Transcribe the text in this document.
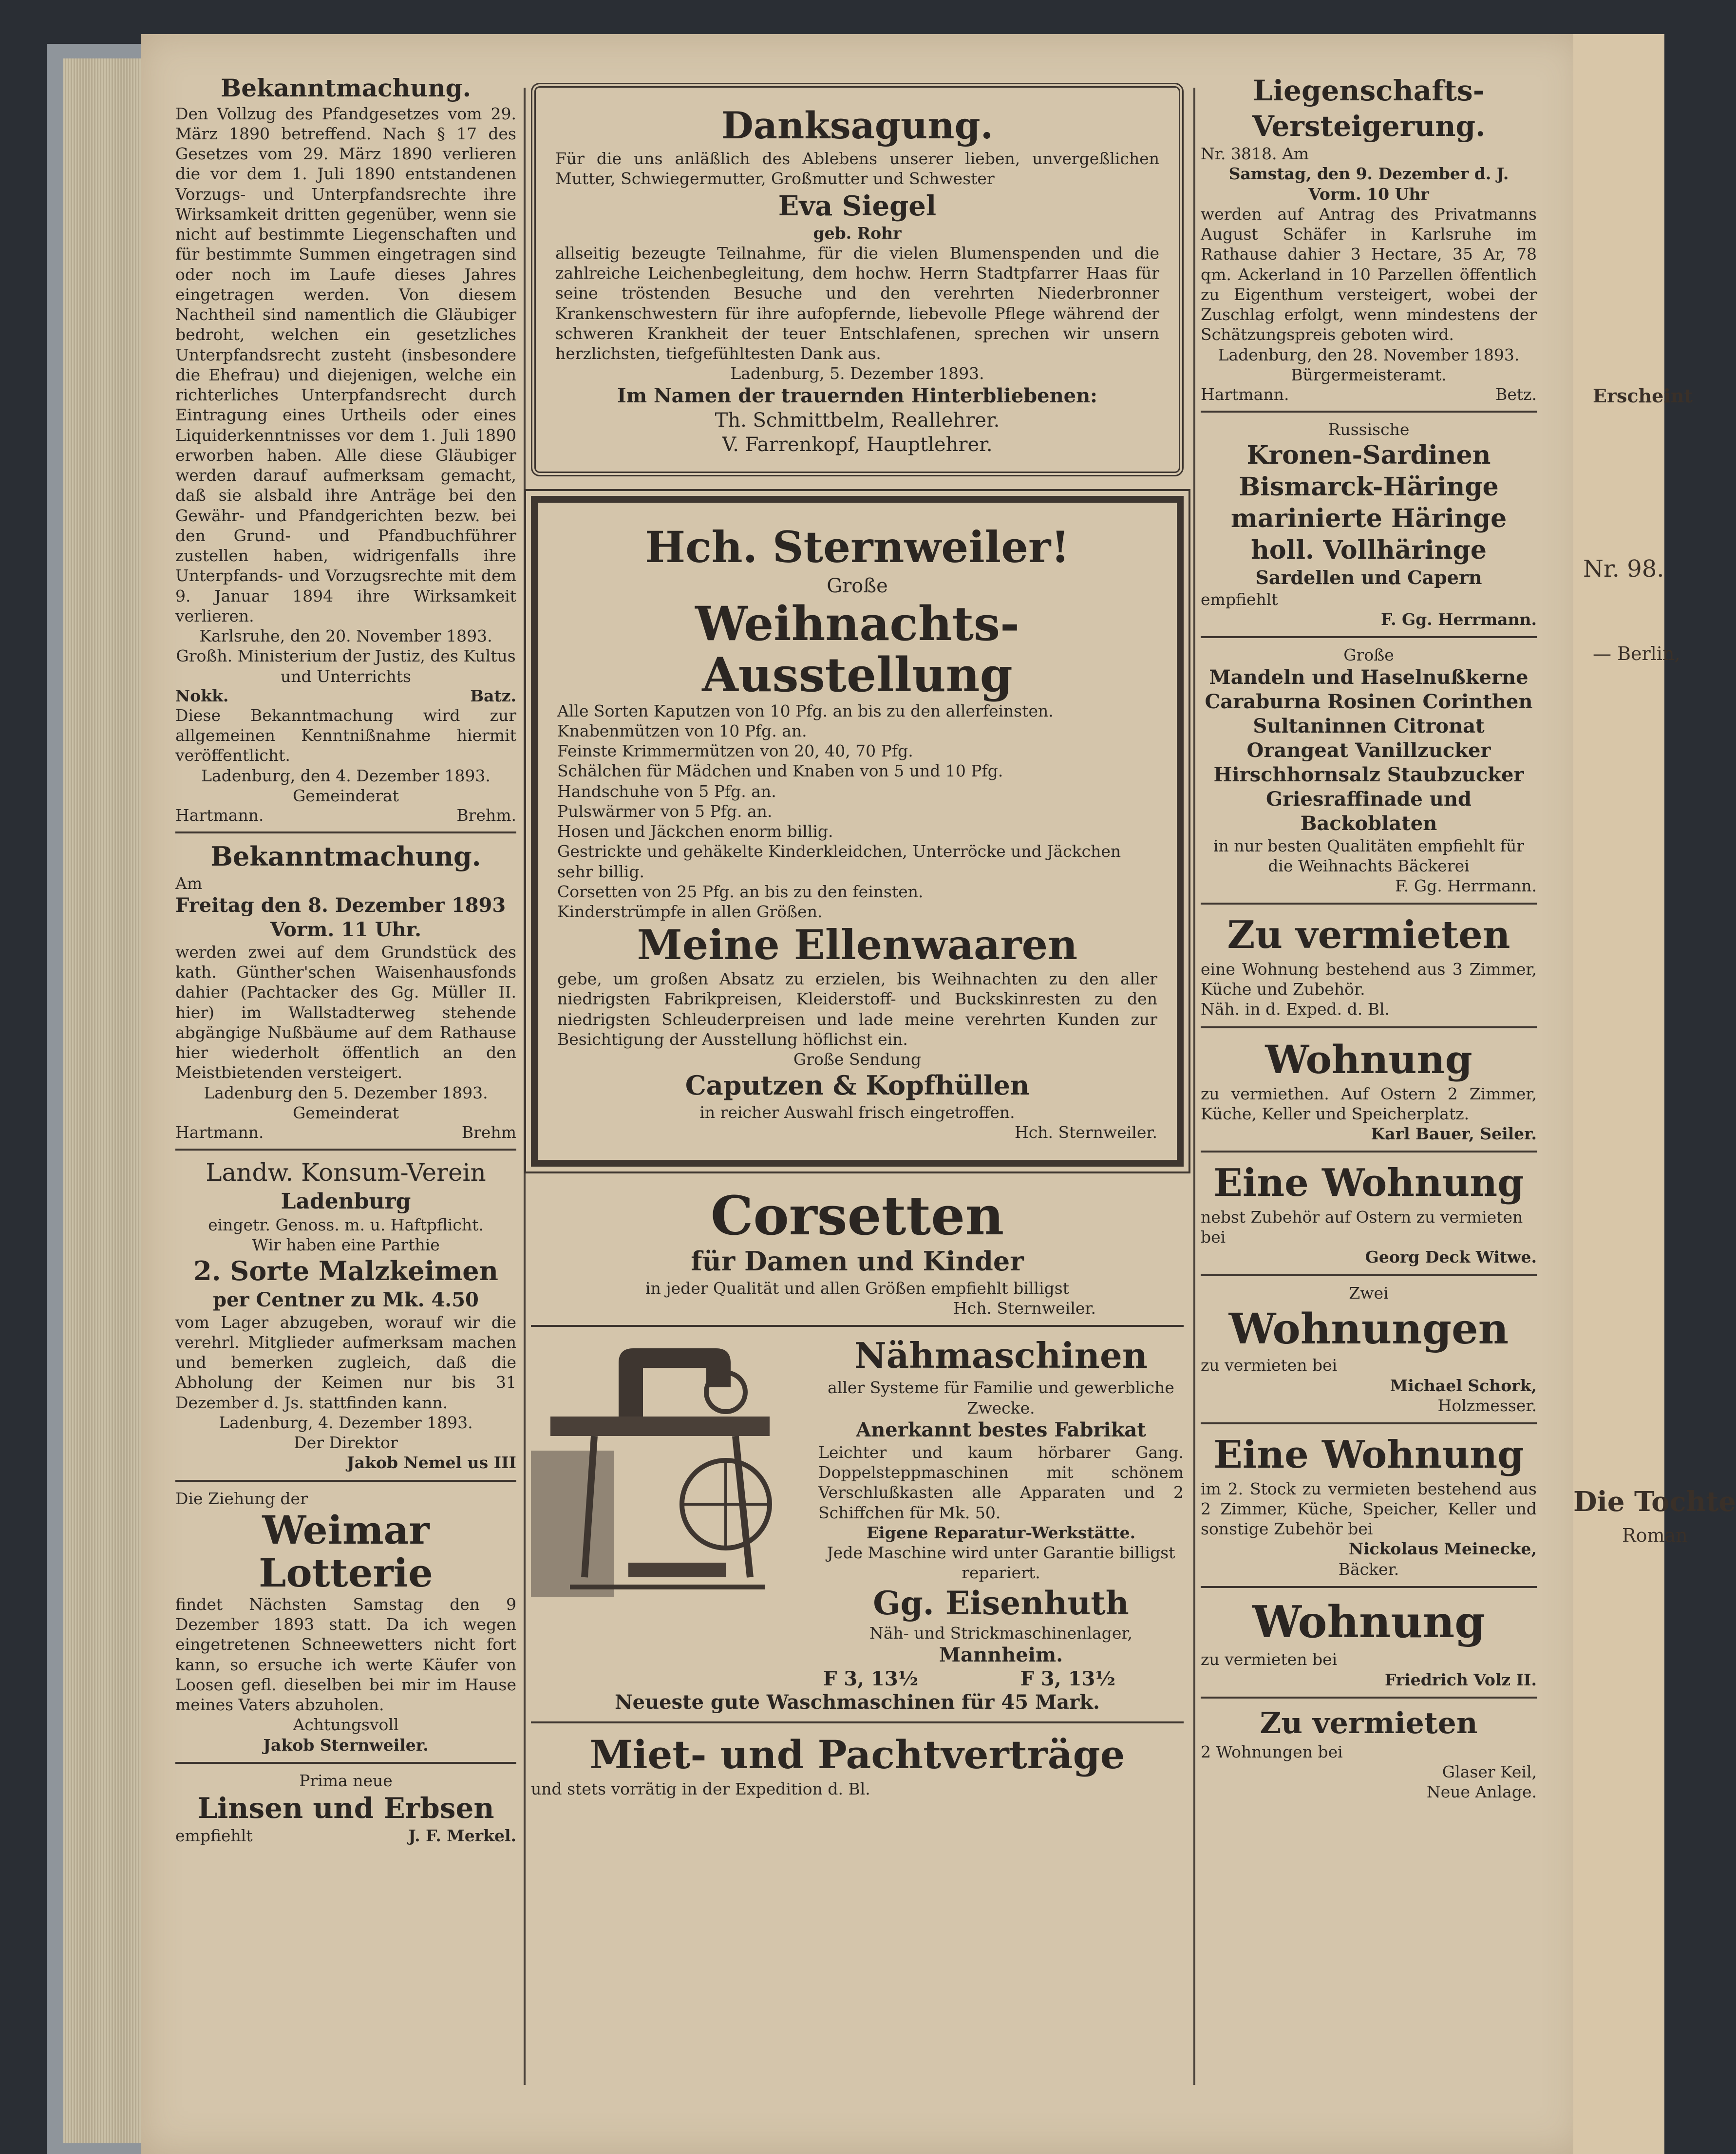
Bekanntmachung.

Den Vollzug des Pfandgesetzes vom 29. März 1890 betreffend. Nach § 17 des Gesetzes vom 29. März 1890 verlieren die vor dem 1. Juli 1890 entstandenen Vorzugs- und Unterpfandsrechte ihre Wirksamkeit dritten gegenüber, wenn sie nicht auf bestimmte Liegenschaften und für bestimmte Summen eingetragen sind oder noch im Laufe dieses Jahres eingetragen werden. Von diesem Nachtheil sind namentlich die Gläubiger bedroht, welchen ein gesetzliches Unterpfandsrecht zusteht (insbesondere die Ehefrau) und diejenigen, welche ein richterliches Unterpfandsrecht durch Eintragung eines Urtheils oder eines Liquiderkenntnisses vor dem 1. Juli 1890 erworben haben. Alle diese Gläubiger werden darauf aufmerksam gemacht, daß sie alsbald ihre Anträge bei den Gewähr- und Pfandgerichten bezw. bei den Grund- und Pfandbuchführer zustellen haben, widrigenfalls ihre Unterpfands- und Vorzugsrechte mit dem 9. Januar 1894 ihre Wirksamkeit verlieren.

Karlsruhe, den 20. November 1893.

Großh. Ministerium der Justiz, des Kultus und Unterrichts

Nokk.	Batz.

Diese Bekanntmachung wird zur allgemeinen Kenntnißnahme hiermit veröffentlicht.

Ladenburg, den 4. Dezember 1893.

Gemeinderat

Hartmann.	Brehm.

Bekanntmachung.

Am

Freitag den 8. Dezember 1893

Vorm. 11 Uhr.

werden zwei auf dem Grundstück des kath. Günther'schen Waisenhausfonds dahier (Pachtacker des Gg. Müller II. hier) im Wallstadterweg stehende abgängige Nußbäume auf dem Rathause hier wiederholt öffentlich an den Meistbietenden versteigert.

Ladenburg den 5. Dezember 1893.

Gemeinderat

Hartmann.	Brehm

Landw. Konsum-Verein

Ladenburg

eingetr. Genoss. m. u. Haftpflicht.

Wir haben eine Parthie

2. Sorte Malzkeimen

per Centner zu Mk. 4.50

vom Lager abzugeben, worauf wir die verehrl. Mitglieder aufmerksam machen und bemerken zugleich, daß die Abholung der Keimen nur bis 31 Dezember d. Js. stattfinden kann.

Ladenburg, 4. Dezember 1893.

Der Direktor

Jakob Nemel us III

Die Ziehung der

Weimar Lotterie

findet Nächsten Samstag den 9 Dezember 1893 statt. Da ich wegen eingetretenen Schneewetters nicht fort kann, so ersuche ich werte Käufer von Loosen gefl. dieselben bei mir im Hause meines Vaters abzuholen.

Achtungsvoll

Jakob Sternweiler.

Prima neue

Linsen und Erbsen

empfiehlt	J. F. Merkel.

Danksagung.

Für die uns anläßlich des Ablebens unserer lieben, unvergeßlichen Mutter, Schwiegermutter, Großmutter und Schwester

Eva Siegel

geb. Rohr

allseitig bezeugte Teilnahme, für die vielen Blumenspenden und die zahlreiche Leichenbegleitung, dem hochw. Herrn Stadtpfarrer Haas für seine tröstenden Besuche und den verehrten Niederbronner Krankenschwestern für ihre aufopfernde, liebevolle Pflege während der schweren Krankheit der teuer Entschlafenen, sprechen wir unsern herzlichsten, tiefgefühltesten Dank aus.

Ladenburg, 5. Dezember 1893.

Im Namen der trauernden Hinterbliebenen:

Th. Schmittbelm, Reallehrer.

V. Farrenkopf, Hauptlehrer.

Hch. Sternweiler!

Große

Weihnachts-Ausstellung

Alle Sorten Kaputzen von 10 Pfg. an bis zu den allerfeinsten.

Knabenmützen von 10 Pfg. an.

Feinste Krimmermützen von 20, 40, 70 Pfg.

Schälchen für Mädchen und Knaben von 5 und 10 Pfg.

Handschuhe von 5 Pfg. an.

Pulswärmer von 5 Pfg. an.

Hosen und Jäckchen enorm billig.

Gestrickte und gehäkelte Kinderkleidchen, Unterröcke und Jäckchen sehr billig.

Corsetten von 25 Pfg. an bis zu den feinsten.

Kinderstrümpfe in allen Größen.

Meine Ellenwaaren

gebe, um großen Absatz zu erzielen, bis Weihnachten zu den aller niedrigsten Fabrikpreisen, Kleiderstoff- und Buckskinresten zu den niedrigsten Schleuderpreisen und lade meine verehrten Kunden zur Besichtigung der Ausstellung höflichst ein.

Große Sendung

Caputzen & Kopfhüllen

in reicher Auswahl frisch eingetroffen.

Hch. Sternweiler.

Corsetten

für Damen und Kinder

in jeder Qualität und allen Größen empfiehlt billigst

Hch. Sternweiler.

Nähmaschinen

aller Systeme für Familie und gewerbliche Zwecke.

Anerkannt bestes Fabrikat

Leichter und kaum hörbarer Gang. Doppelsteppmaschinen mit schönem Verschlußkasten alle Apparaten und 2 Schiffchen für Mk. 50.

Eigene Reparatur-Werkstätte.

Jede Maschine wird unter Garantie billigst repariert.

Gg. Eisenhuth

Näh- und Strickmaschinenlager,

Mannheim.

F 3, 13½	F 3, 13½

Neueste gute Waschmaschinen für 45 Mark.

Miet- und Pachtverträge

und stets vorrätig in der Expedition d. Bl.

Liegenschafts-

Versteigerung.

Nr. 3818. Am

Samstag, den 9. Dezember d. J.

Vorm. 10 Uhr

werden auf Antrag des Privatmanns August Schäfer in Karlsruhe im Rathause dahier 3 Hectare, 35 Ar, 78 qm. Ackerland in 10 Parzellen öffentlich zu Eigenthum versteigert, wobei der Zuschlag erfolgt, wenn mindestens der Schätzungspreis geboten wird.

Ladenburg, den 28. November 1893.

Bürgermeisteramt.

Hartmann.	Betz.

Russische

Kronen-Sardinen

Bismarck-Häringe

marinierte Häringe

holl. Vollhäringe

Sardellen und Capern

empfiehlt

F. Gg. Herrmann.

Große

Mandeln und Haselnußkerne Caraburna Rosinen Corinthen Sultaninnen Citronat Orangeat Vanillzucker Hirschhornsalz Staubzucker Griesraffinade und Backoblaten

in nur besten Qualitäten empfiehlt für die Weihnachts Bäckerei

F. Gg. Herrmann.

Zu vermieten

eine Wohnung bestehend aus 3 Zimmer, Küche und Zubehör.

Näh. in d. Exped. d. Bl.

Wohnung

zu vermiethen. Auf Ostern 2 Zimmer, Küche, Keller und Speicherplatz.

Karl Bauer, Seiler.

Eine Wohnung

nebst Zubehör auf Ostern zu vermieten bei

Georg Deck Witwe.

Zwei

Wohnungen

zu vermieten bei

Michael Schork,

Holzmesser.

Eine Wohnung

im 2. Stock zu vermieten bestehend aus 2 Zimmer, Küche, Speicher, Keller und sonstige Zubehör bei

Nickolaus Meinecke,

Bäcker.

Wohnung

zu vermieten bei

Friedrich Volz II.

Zu vermieten

2 Wohnungen bei

Glaser Keil,

Neue Anlage.

Erscheint
Nr. 98.
— Berlin,
Die Tochte
Roman
